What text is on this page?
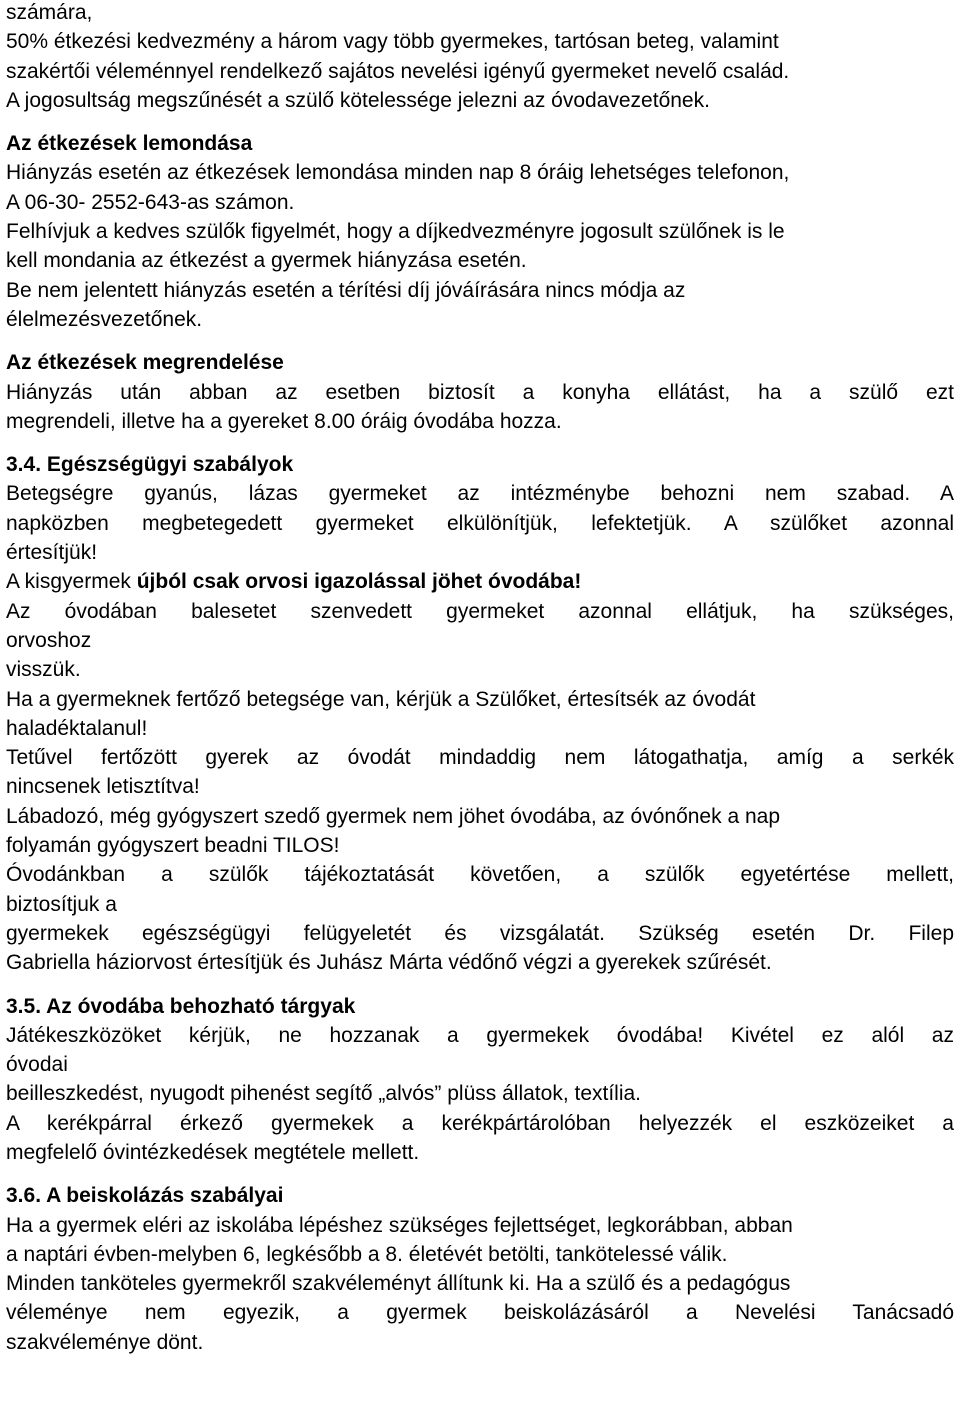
számára,
50% étkezési kedvezmény a három vagy több gyermekes, tartósan beteg, valamint
szakértői véleménnyel rendelkező sajátos nevelési igényű gyermeket nevelő család.
A jogosultság megszűnését a szülő kötelessége jelezni az óvodavezetőnek.
Az étkezések lemondása
Hiányzás esetén az étkezések lemondása minden nap 8 óráig lehetséges telefonon,
A 06-30- 2552-643-as számon.
Felhívjuk a kedves szülők figyelmét, hogy a díjkedvezményre jogosult szülőnek is le
kell mondania az étkezést a gyermek hiányzása esetén.
Be nem jelentett hiányzás esetén a térítési díj jóváírására nincs módja az
élelmezésvezetőnek.
Az étkezések megrendelése
Hiányzás után abban az esetben biztosít a konyha ellátást, ha a szülő ezt
megrendeli, illetve ha a gyereket 8.00 óráig óvodába hozza.
3.4. Egészségügyi szabályok
Betegségre gyanús, lázas gyermeket az intézménybe behozni nem szabad. A
napközben megbetegedett gyermeket elkülönítjük, lefektetjük. A szülőket azonnal
értesítjük!
A kisgyermek újból csak orvosi igazolással jöhet óvodába!
Az óvodában balesetet szenvedett gyermeket azonnal ellátjuk, ha szükséges,
orvoshoz
visszük.
Ha a gyermeknek fertőző betegsége van, kérjük a Szülőket, értesítsék az óvodát
haladéktalanul!
Tetűvel fertőzött gyerek az óvodát mindaddig nem látogathatja, amíg a serkék
nincsenek letisztítva!
Lábadozó, még gyógyszert szedő gyermek nem jöhet óvodába, az óvónőnek a nap
folyamán gyógyszert beadni TILOS!
Óvodánkban a szülők tájékoztatását követően, a szülők egyetértése mellett,
biztosítjuk a
gyermekek egészségügyi felügyeletét és vizsgálatát. Szükség esetén Dr. Filep
Gabriella háziorvost értesítjük és Juhász Márta védőnő végzi a gyerekek szűrését.
3.5. Az óvodába behozható tárgyak
Játékeszközöket kérjük, ne hozzanak a gyermekek óvodába! Kivétel ez alól az
óvodai
beilleszkedést, nyugodt pihenést segítő „alvós” plüss állatok, textília.
A kerékpárral érkező gyermekek a kerékpártárolóban helyezzék el eszközeiket a
megfelelő óvintézkedések megtétele mellett.
3.6. A beiskolázás szabályai
Ha a gyermek eléri az iskolába lépéshez szükséges fejlettséget, legkorábban, abban
a naptári évben-melyben 6, legkésőbb a 8. életévét betölti, tankötelessé válik.
Minden tanköteles gyermekről szakvéleményt állítunk ki. Ha a szülő és a pedagógus
véleménye nem egyezik, a gyermek beiskolázásáról a Nevelési Tanácsadó
szakvéleménye dönt.
